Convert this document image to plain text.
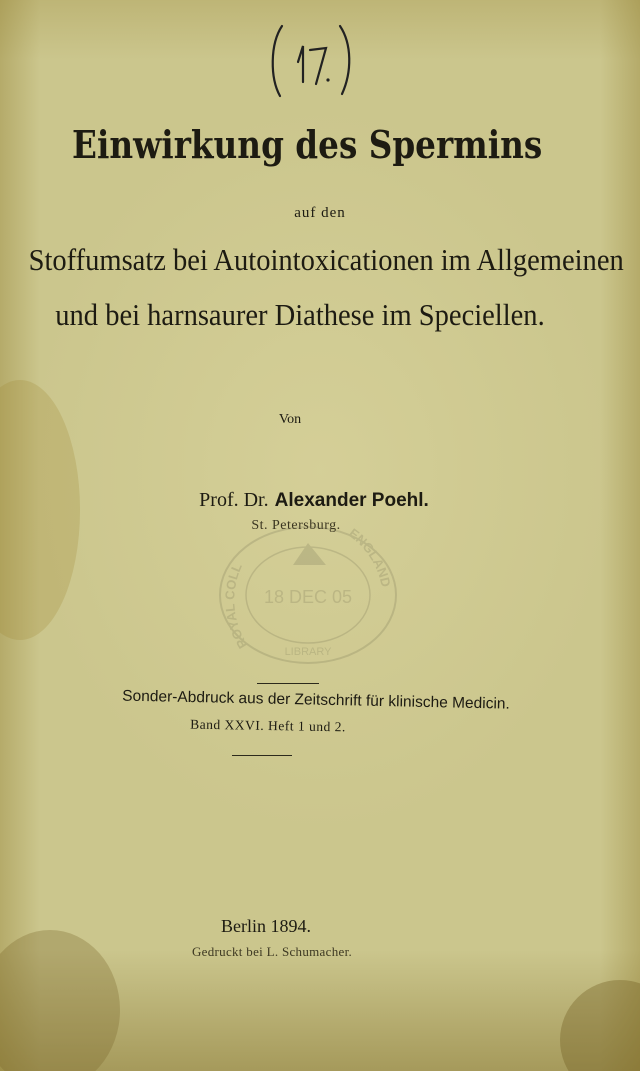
Einwirkung des Spermins
auf den
Stoffumsatz bei Autointoxicationen im Allgemeinen
und bei harnsaurer Diathese im Speciellen.
Von
Prof. Dr. Alexander Poehl.
St. Petersburg.
ROYAL COLL
ENGLAND
18 DEC 05
LIBRARY
Sonder-Abdruck aus der Zeitschrift für klinische Medicin.
Band XXVI. Heft 1 und 2.
Berlin 1894.
Gedruckt bei L. Schumacher.
